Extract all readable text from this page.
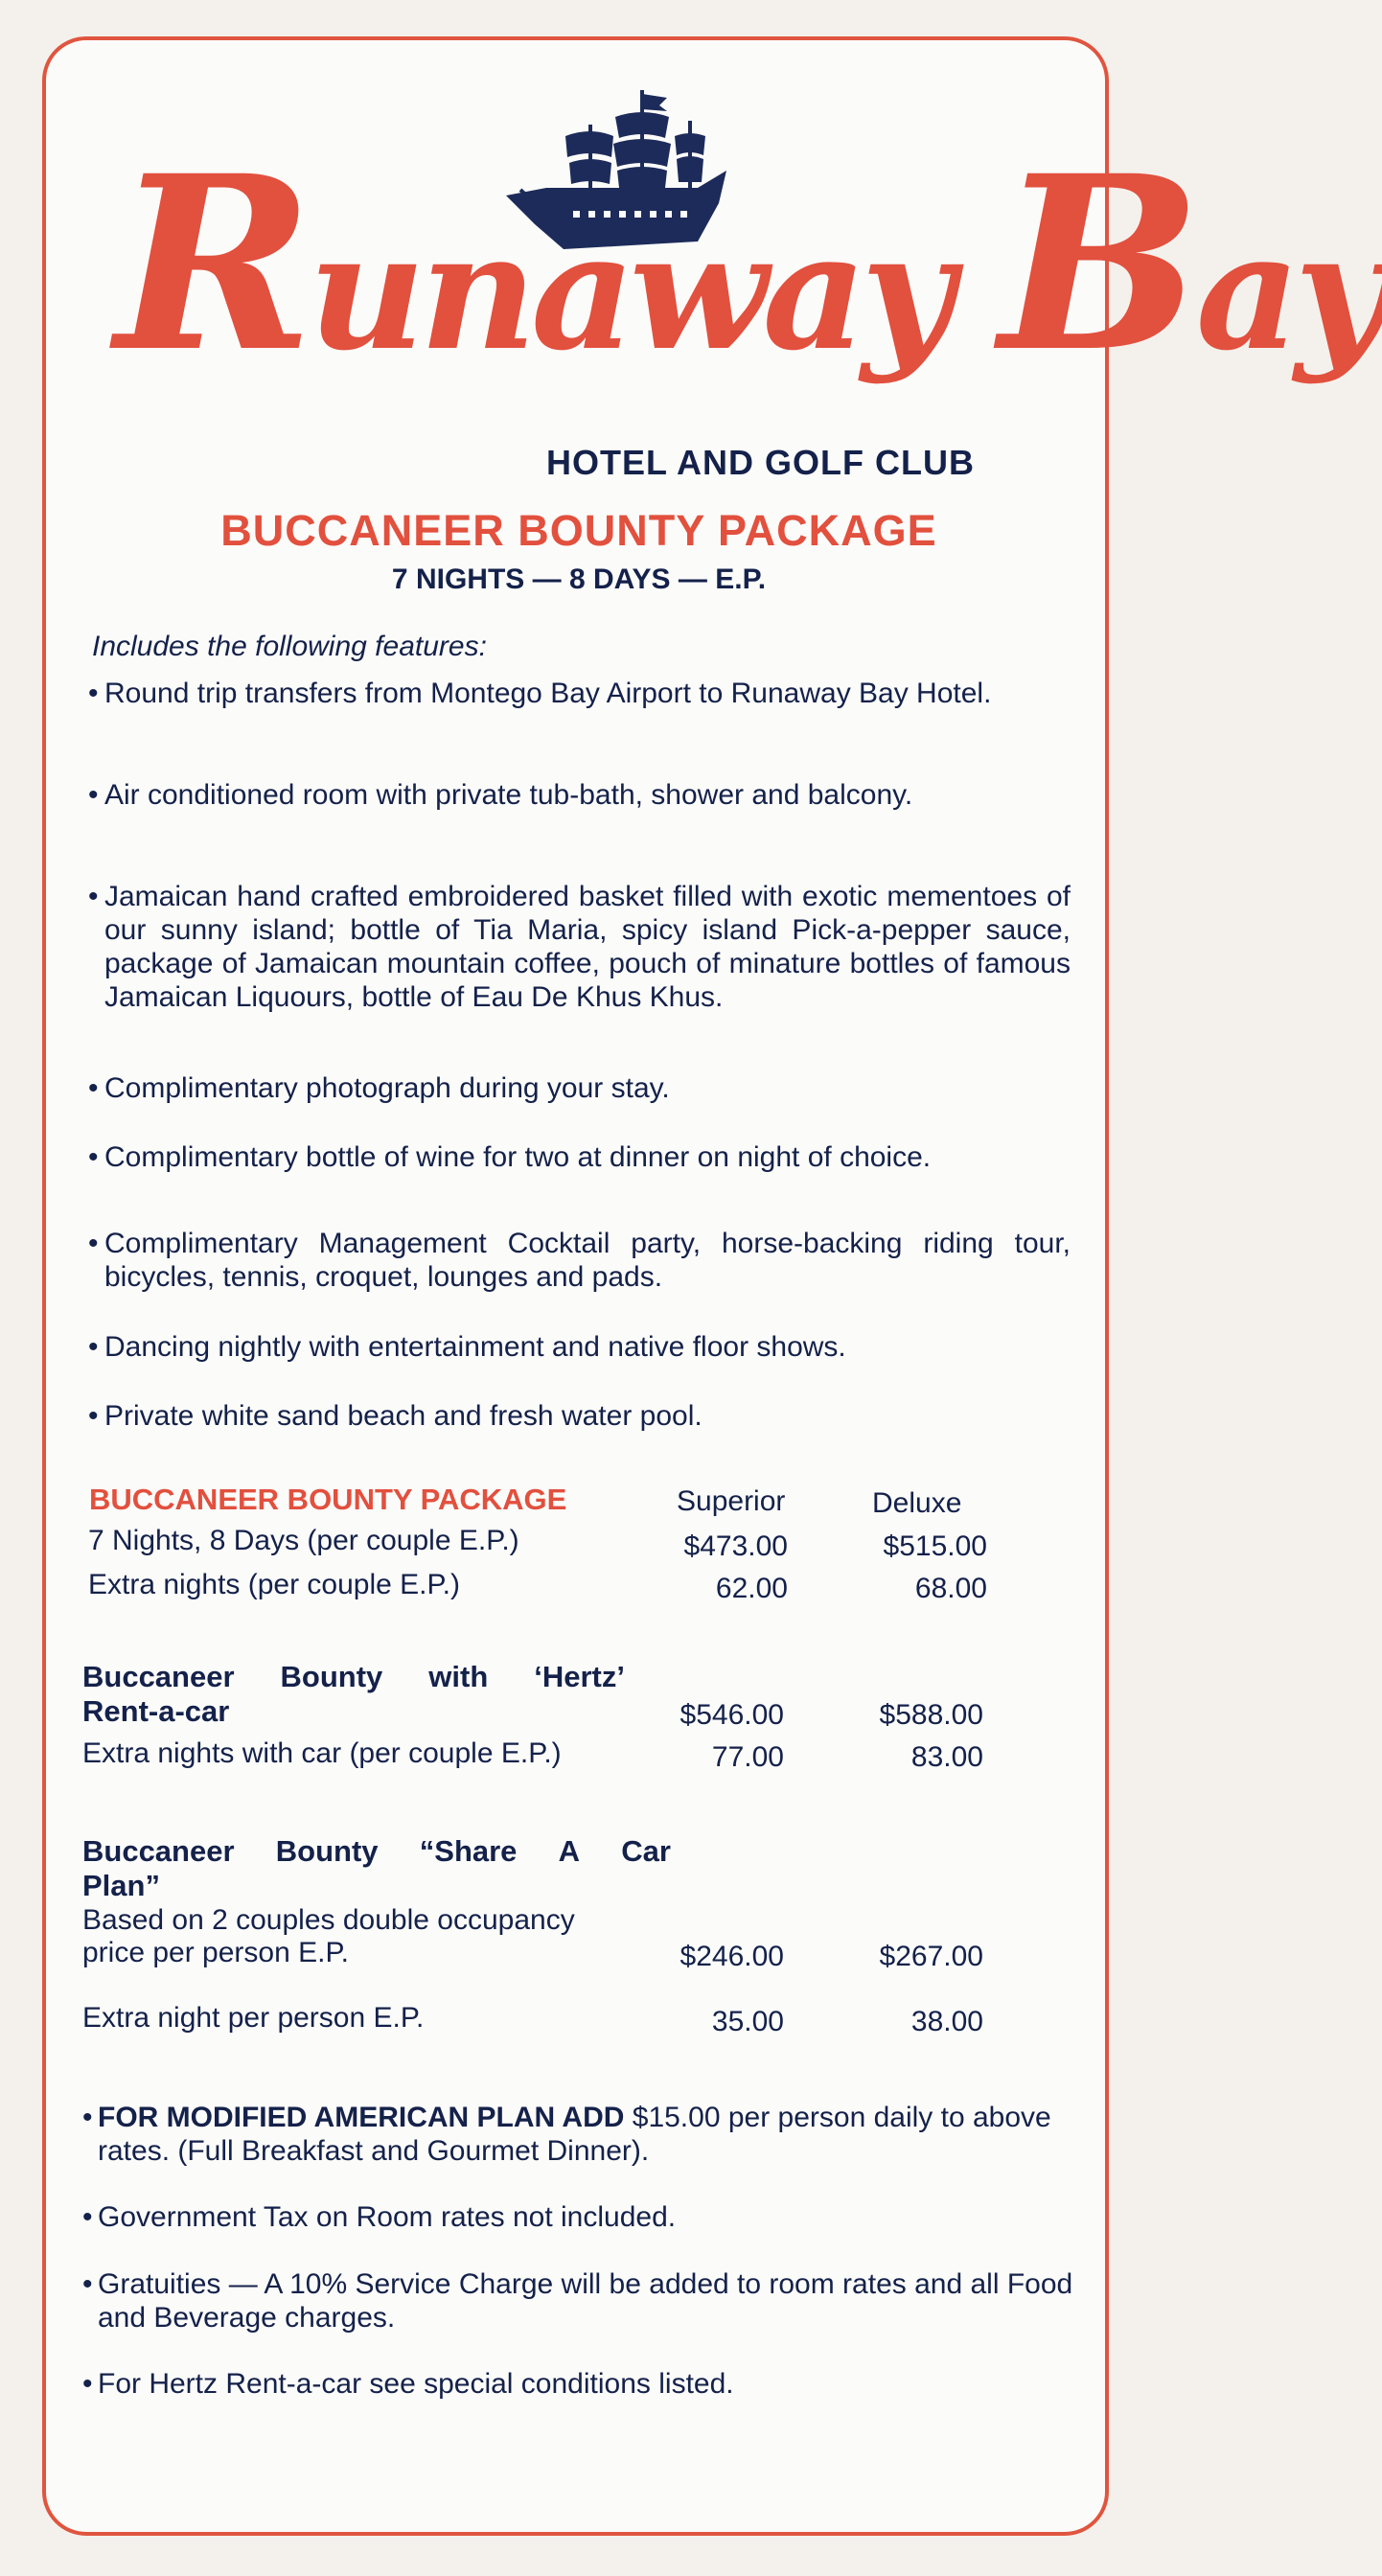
Runaway Bay
HOTEL AND GOLF CLUB
BUCCANEER BOUNTY PACKAGE
7 NIGHTS — 8 DAYS — E.P.
Includes the following features:
• Round trip transfers from Montego Bay Airport to Runaway Bay Hotel.
• Air conditioned room with private tub-bath, shower and balcony.
• Jamaican hand crafted embroidered basket filled with exotic mementoes of our sunny island; bottle of Tia Maria, spicy island Pick-a-pepper sauce, package of Jamaican mountain coffee, pouch of minature bottles of famous Jamaican Liquours, bottle of Eau De Khus Khus.
• Complimentary photograph during your stay.
• Complimentary bottle of wine for two at dinner on night of choice.
• Complimentary Management Cocktail party, horse-backing riding tour, bicycles, tennis, croquet, lounges and pads.
• Dancing nightly with entertainment and native floor shows.
• Private white sand beach and fresh water pool.
BUCCANEER BOUNTY PACKAGE	Superior	Deluxe
7 Nights, 8 Days (per couple E.P.)	$473.00	$515.00
Extra nights (per couple E.P.)	62.00	68.00
Buccaneer Bounty with ‘Hertz’
Rent-a-car	$546.00	$588.00
Extra nights with car (per couple E.P.)	77.00	83.00
Buccaneer Bounty “Share A Car
Plan”
Based on 2 couples double occupancy
price per person E.P.	$246.00	$267.00
Extra night per person E.P.	35.00	38.00
• FOR MODIFIED AMERICAN PLAN ADD $15.00 per person daily to above rates. (Full Breakfast and Gourmet Dinner).
• Government Tax on Room rates not included.
• Gratuities — A 10% Service Charge will be added to room rates and all Food and Beverage charges.
• For Hertz Rent-a-car see special conditions listed.
